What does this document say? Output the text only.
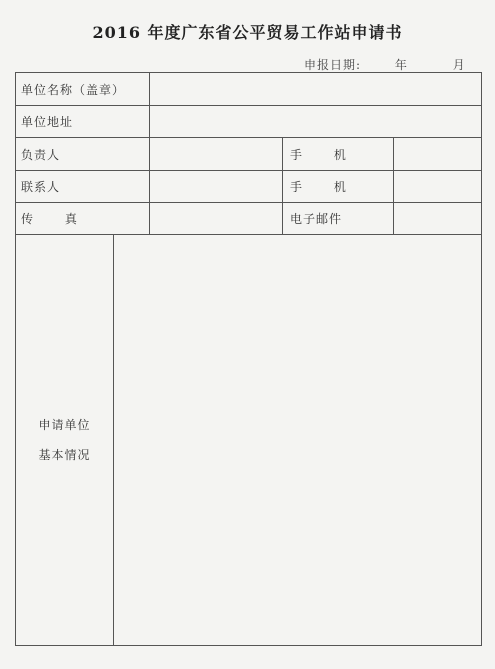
2016 年度广东省公平贸易工作站申请书
申报日期:	年	月
单位名称（盖章）
单位地址
负责人	手 机
联系人	手 机
传 真	电子邮件
申请单位
基本情况
